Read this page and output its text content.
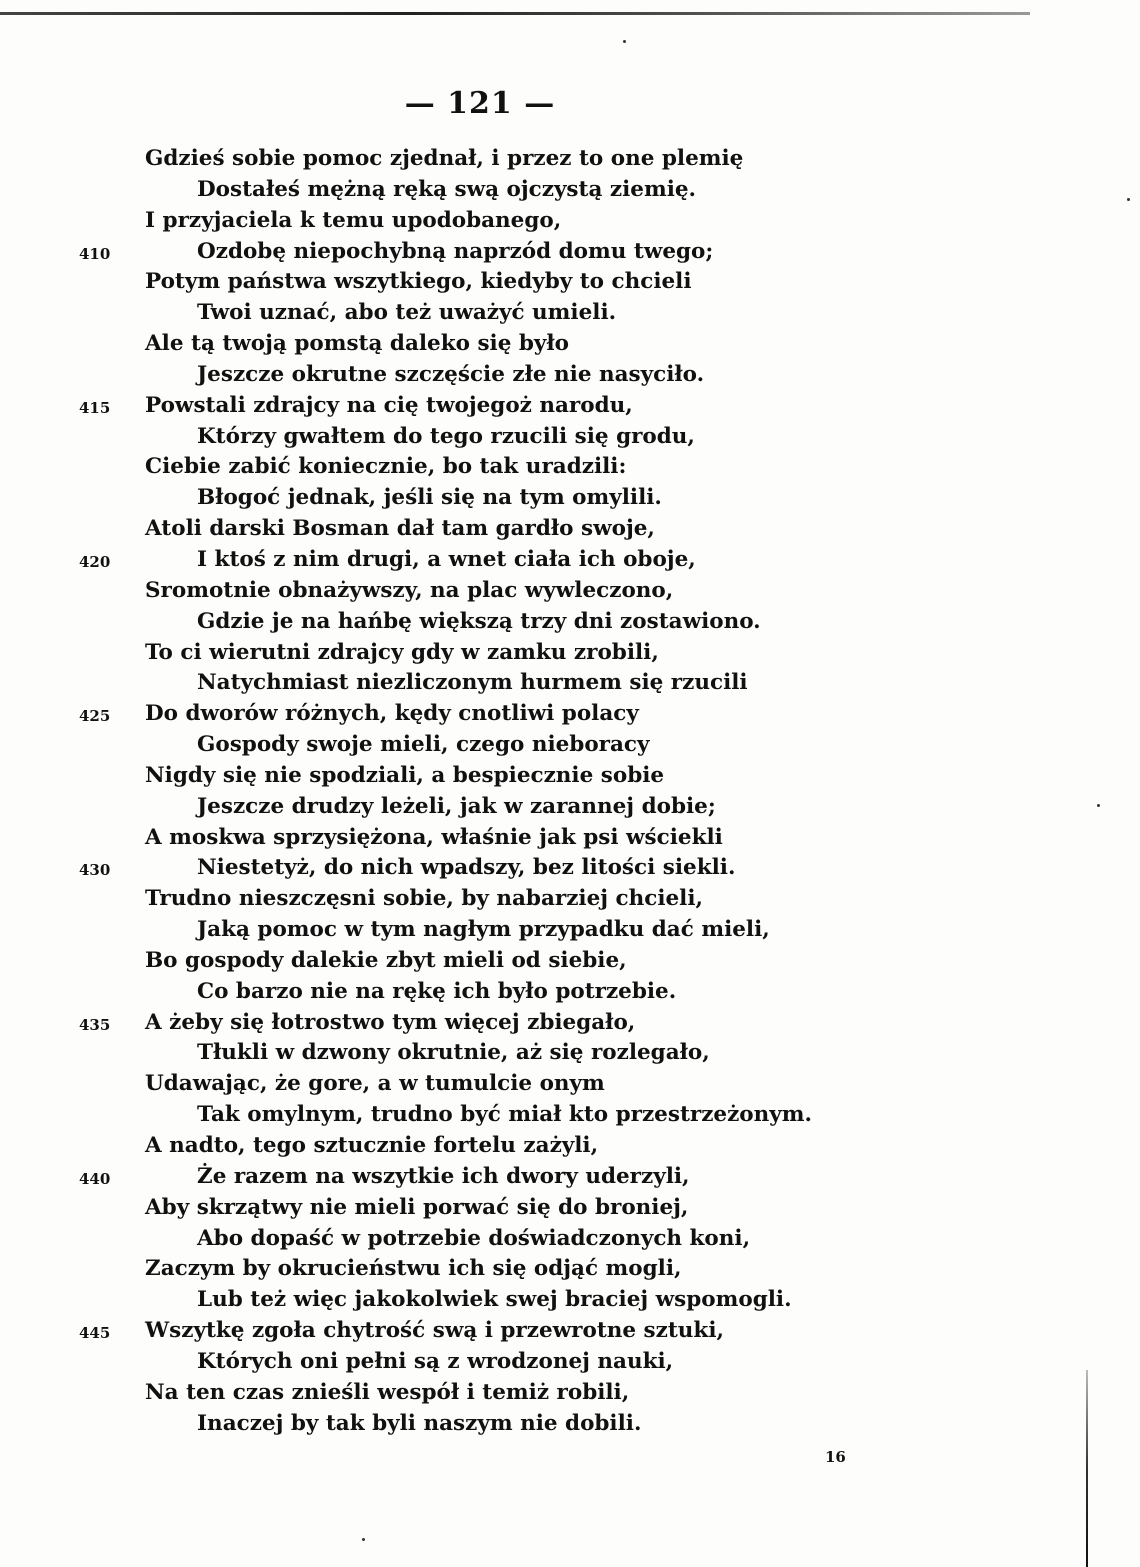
— 121 —
Gdzieś sobie pomoc zjednał, i przez to one plemię
Dostałeś mężną ręką swą ojczystą ziemię.
I przyjaciela k temu upodobanego,
410	Ozdobę niepochybną naprzód domu twego;
Potym państwa wszytkiego, kiedyby to chcieli
Twoi uznać, abo też uważyć umieli.
Ale tą twoją pomstą daleko się było
Jeszcze okrutne szczęście złe nie nasyciło.
415 Powstali zdrajcy na cię twojegoż narodu,
Którzy gwałtem do tego rzucili się grodu,
Ciebie zabić koniecznie, bo tak uradzili:
Błogoć jednak, jeśli się na tym omylili.
Atoli darski Bosman dał tam gardło swoje,
420	I ktoś z nim drugi, a wnet ciała ich oboje,
Sromotnie obnażywszy, na plac wywleczono,
Gdzie je na hańbę większą trzy dni zostawiono.
To ci wierutni zdrajcy gdy w zamku zrobili,
Natychmiast niezliczonym hurmem się rzucili
425 Do dworów różnych, kędy cnotliwi polacy
Gospody swoje mieli, czego nieboracy
Nigdy się nie spodziali, a bespiecznie sobie
Jeszcze drudzy leżeli, jak w zarannej dobie;
A moskwa sprzysiężona, właśnie jak psi wściekli
430	Niestetyż, do nich wpadszy, bez litości siekli.
Trudno nieszczęsni sobie, by nabarziej chcieli,
Jaką pomoc w tym nagłym przypadku dać mieli,
Bo gospody dalekie zbyt mieli od siebie,
Co barzo nie na rękę ich było potrzebie.
435 A żeby się łotrostwo tym więcej zbiegało,
Tłukli w dzwony okrutnie, aż się rozlegało,
Udawając, że gore, a w tumulcie onym
Tak omylnym, trudno być miał kto przestrzeżonym.
A nadto, tego sztucznie fortelu zażyli,
440	Że razem na wszytkie ich dwory uderzyli,
Aby skrzątwy nie mieli porwać się do broniej,
Abo dopaść w potrzebie doświadczonych koni,
Zaczym by okrucieństwu ich się odjąć mogli,
Lub też więc jakokolwiek swej braciej wspomogli.
445 Wszytkę zgoła chytrość swą i przewrotne sztuki,
Których oni pełni są z wrodzonej nauki,
Na ten czas znieśli wespół i temiż robili,
Inaczej by tak byli naszym nie dobili.
16
